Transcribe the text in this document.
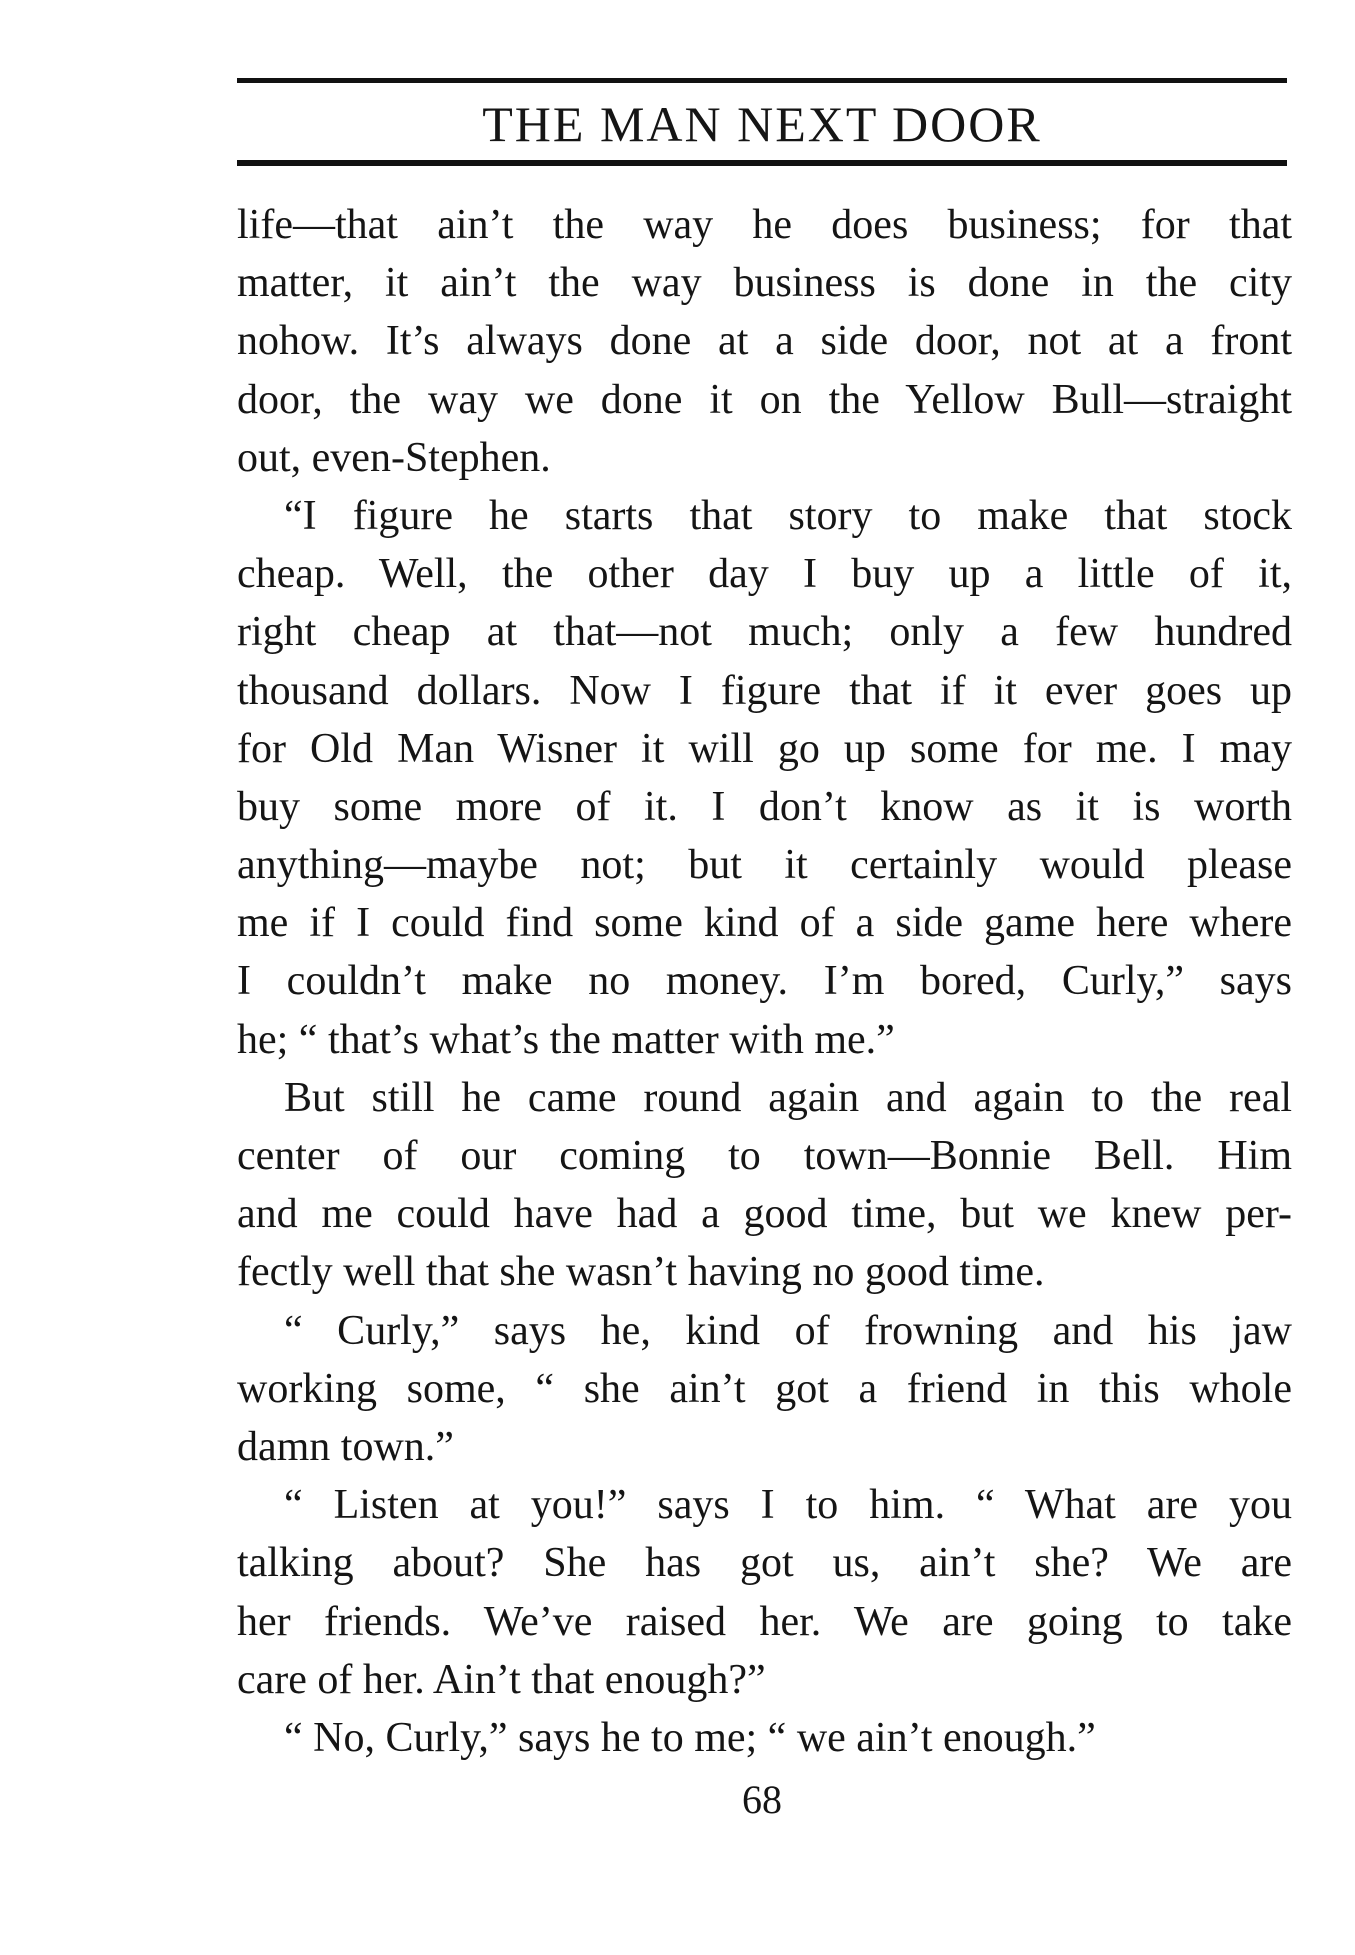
THE MAN NEXT DOOR
life—that ain’t the way he does business; for that
matter, it ain’t the way business is done in the city
nohow. It’s always done at a side door, not at a front
door, the way we done it on the Yellow Bull—straight
out, even-Stephen.
“I figure he starts that story to make that stock
cheap. Well, the other day I buy up a little of it,
right cheap at that—not much; only a few hundred
thousand dollars. Now I figure that if it ever goes up
for Old Man Wisner it will go up some for me. I may
buy some more of it. I don’t know as it is worth
anything—maybe not; but it certainly would please
me if I could find some kind of a side game here where
I couldn’t make no money. I’m bored, Curly,” says
he; “ that’s what’s the matter with me.”
But still he came round again and again to the real
center of our coming to town—Bonnie Bell. Him
and me could have had a good time, but we knew per-
fectly well that she wasn’t having no good time.
“ Curly,” says he, kind of frowning and his jaw
working some, “ she ain’t got a friend in this whole
damn town.”
“ Listen at you!” says I to him. “ What are you
talking about? She has got us, ain’t she? We are
her friends. We’ve raised her. We are going to take
care of her. Ain’t that enough?”
“ No, Curly,” says he to me; “ we ain’t enough.”
68
